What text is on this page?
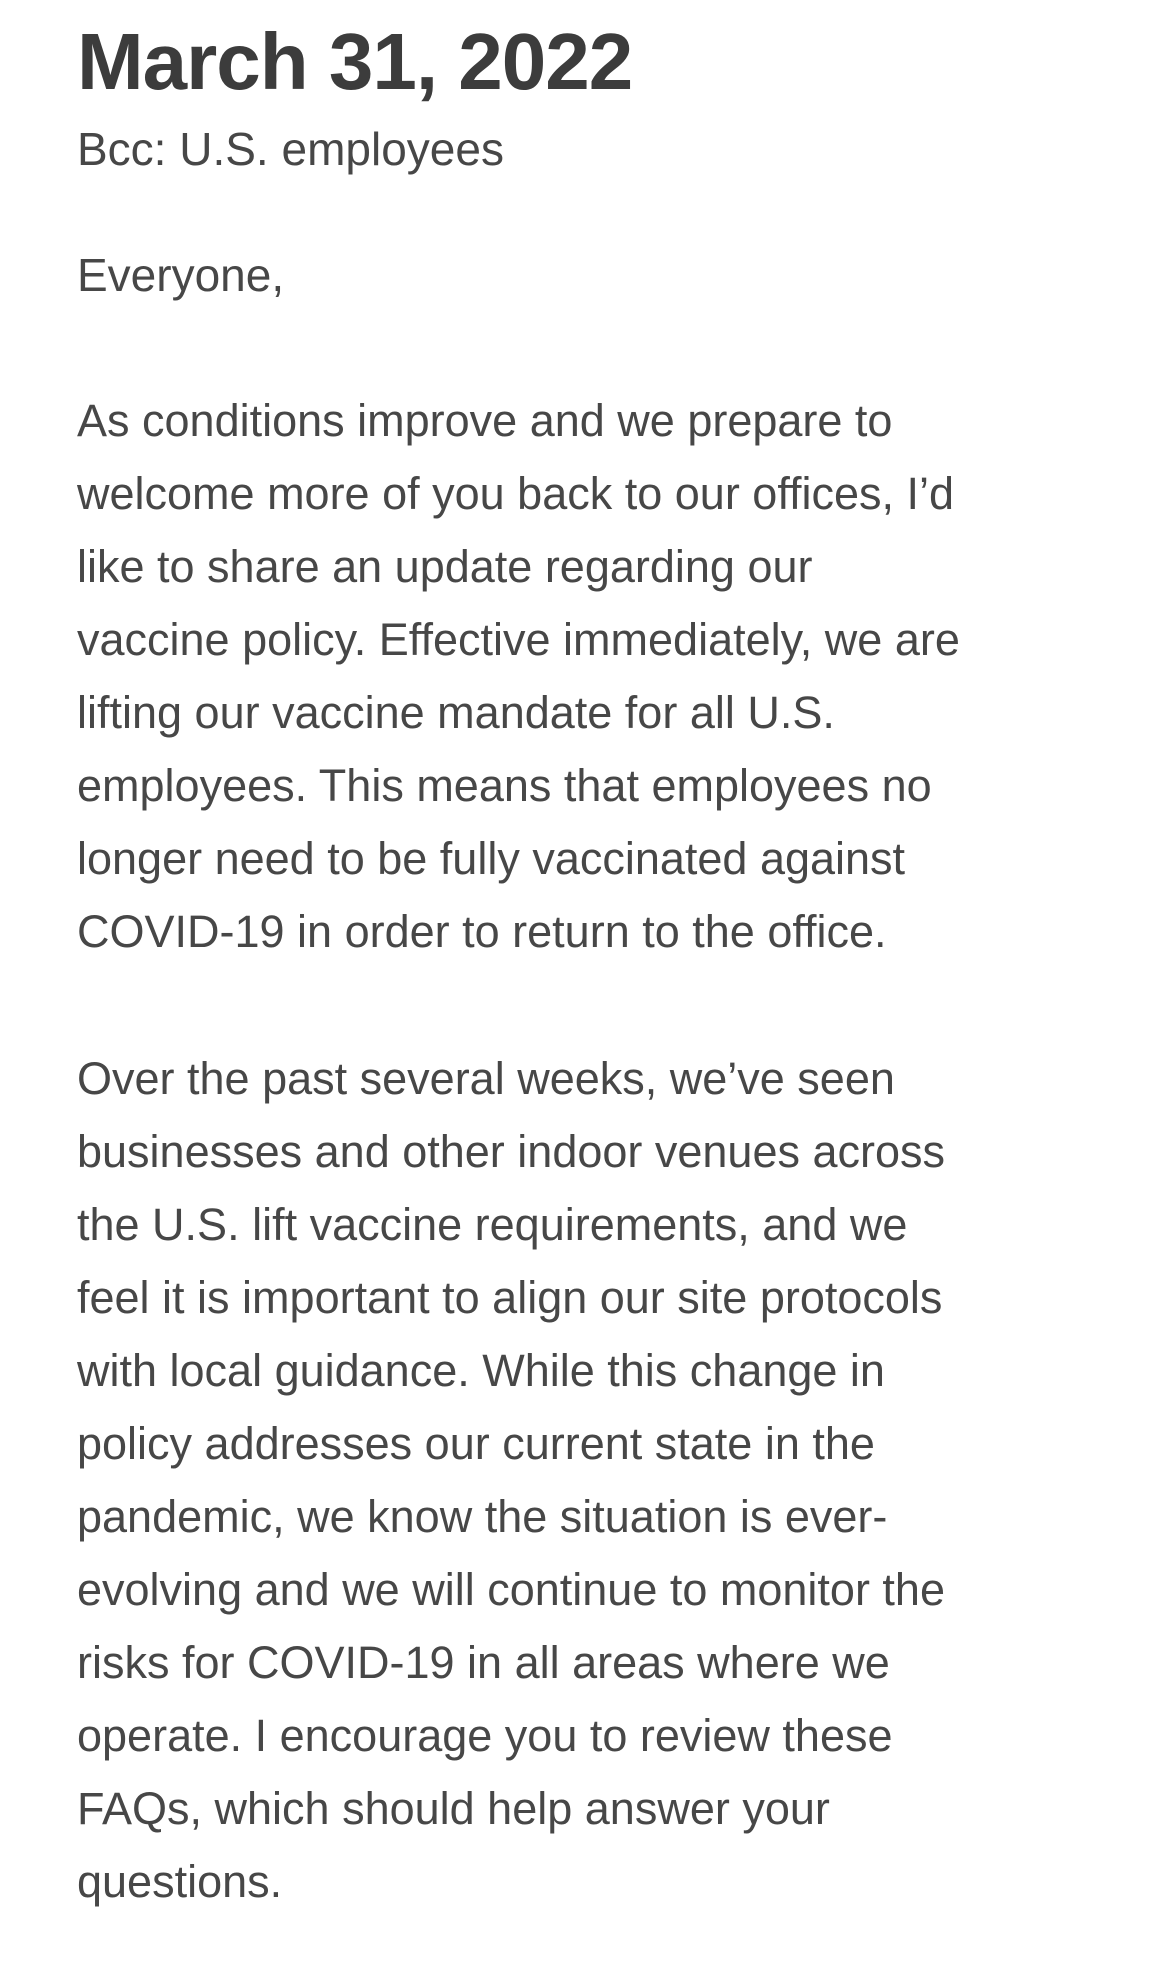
March 31, 2022

Bcc: U.S. employees

Everyone,

As conditions improve and we prepare to
welcome more of you back to our offices, I’d
like to share an update regarding our
vaccine policy. Effective immediately, we are
lifting our vaccine mandate for all U.S.
employees. This means that employees no
longer need to be fully vaccinated against
COVID-19 in order to return to the office.

Over the past several weeks, we’ve seen
businesses and other indoor venues across
the U.S. lift vaccine requirements, and we
feel it is important to align our site protocols
with local guidance. While this change in
policy addresses our current state in the
pandemic, we know the situation is ever-
evolving and we will continue to monitor the
risks for COVID-19 in all areas where we
operate. I encourage you to review these
FAQs, which should help answer your
questions.
